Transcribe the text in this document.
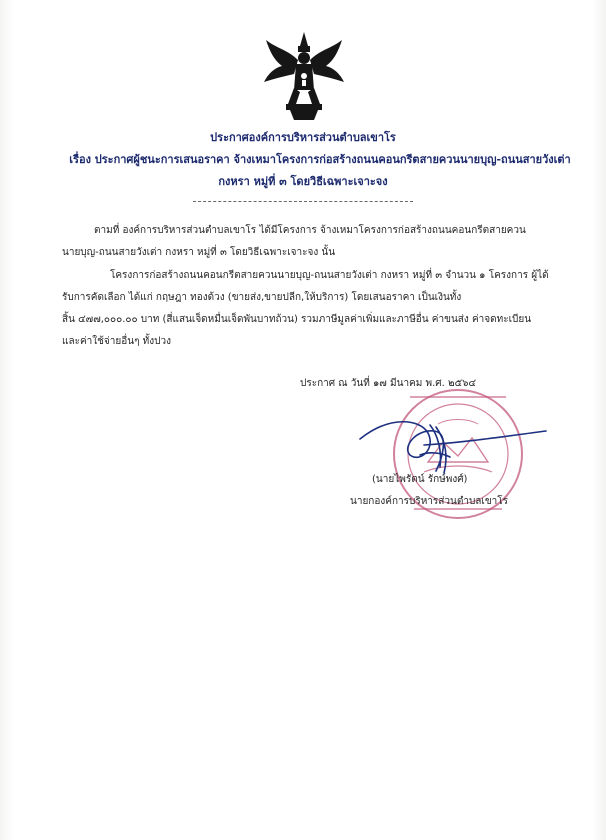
ประกาศองค์การบริหารส่วนตำบลเขาโร
เรื่อง ประกาศผู้ชนะการเสนอราคา จ้างเหมาโครงการก่อสร้างถนนคอนกรีตสายควนนายบุญ-ถนนสายวังเต่า
กงหรา หมู่ที่ ๓ โดยวิธีเฉพาะเจาะจง
ตามที่ องค์การบริหารส่วนตำบลเขาโร ได้มีโครงการ จ้างเหมาโครงการก่อสร้างถนนคอนกรีตสายควน
นายบุญ-ถนนสายวังเต่า กงหรา หมู่ที่ ๓ โดยวิธีเฉพาะเจาะจง นั้น
โครงการก่อสร้างถนนคอนกรีตสายควนนายบุญ-ถนนสายวังเต่า กงหรา หมู่ที่ ๓ จำนวน ๑ โครงการ ผู้ได้
รับการคัดเลือก ได้แก่ กฤษฎา ทองด้วง (ขายส่ง,ขายปลีก,ให้บริการ) โดยเสนอราคา เป็นเงินทั้ง
สิ้น ๔๗๗,๐๐๐.๐๐ บาท (สี่แสนเจ็ดหมื่นเจ็ดพันบาทถ้วน) รวมภาษีมูลค่าเพิ่มและภาษีอื่น ค่าขนส่ง ค่าจดทะเบียน
และค่าใช้จ่ายอื่นๆ ทั้งปวง
ประกาศ ณ วันที่ ๑๗ มีนาคม พ.ศ. ๒๕๖๔
(นายไพรัตน์ รักษ์พงศ์)
นายกองค์การบริหารส่วนตำบลเขาโร
